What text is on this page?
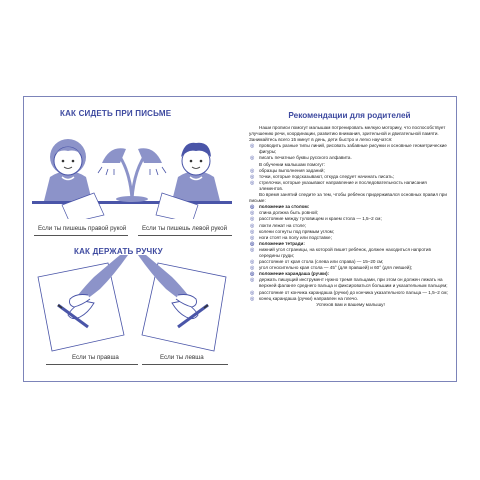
КАК СИДЕТЬ ПРИ ПИСЬМЕ
Если ты пишешь правой рукой	Если ты пишешь левой рукой
КАК ДЕРЖАТЬ РУЧКУ
Если ты правша	Если ты левша
Рекомендации для родителей

Наши прописи помогут малышам потренировать мелкую моторику, что поспособствует улучшению речи, координации, развитию внимания, зрительной и двигательной памяти. Занимайтесь всего 15 минут в день, дети быстро и легко научатся:

◎ проводить разные типы линий, рисовать забавные рисунки и основные геометрические фигуры;

◎ писать печатные буквы русского алфавита.

В обучении малышам помогут:

◎ образцы выполнения заданий;

◎ точки, которые подсказывают, откуда следует начинать писать;

◎ стрелочки, которые указывают направление и последовательность написания элементов.

Во время занятий следите за тем, чтобы ребёнок придерживался основных правил при письме:

◎ положение за столом:

◎ спина должна быть ровной;

◎ расстояние между туловищем и краем стола — 1,5–2 см;

◎ локти лежат на столе;

◎ колени согнуты под прямым углом;

◎ ноги стоят на полу или подставке;

◎ положение тетради:

◎ нижний угол страницы, на которой пишет ребёнок, должен находиться напротив середины груди;

◎ расстояние от края стола (слева или справа) — 15–20 см;

◎ угол относительно края стола — 45° (для правшей) и 60° (для левшей);

◎ положение карандаша (ручки):

◎ держать пишущий инструмент нужно тремя пальцами, при этом он должен лежать на верхней фаланге среднего пальца и фиксироваться большим и указательным пальцем;

◎ расстояние от кончика карандаша (ручки) до кончика указательного пальца — 1,5–2 см;

◎ конец карандаша (ручки) направлен на плечо.

Успехов вам и вашему малышу!
